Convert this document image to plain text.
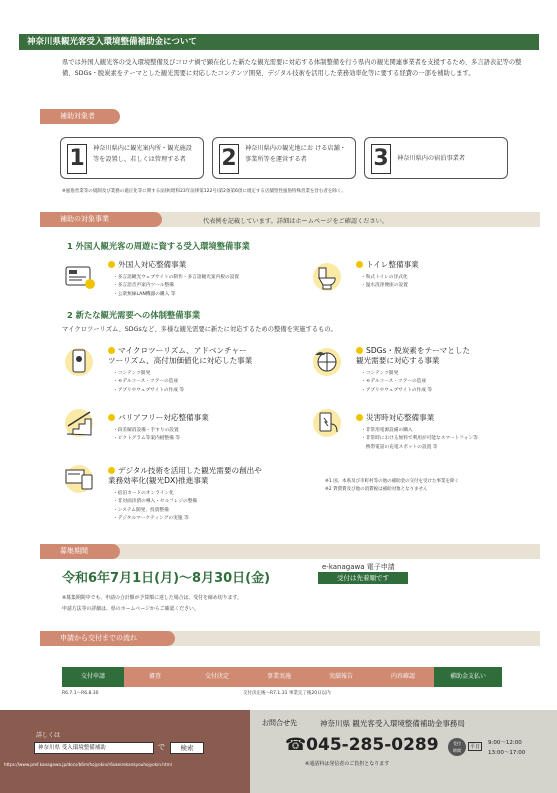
神奈川県観光客受入環境整備補助金について
県では外国人観光客の受入環境整備及びコロナ禍で顕在化した新たな観光需要に対応する体制整備を行う県内の観光関連事業者を支援するため、多言語表記等の整備、SDGs・脱炭素をテーマとした観光需要に対応したコンテンツ開発、デジタル技術を活用した業務効率化等に要する経費の一部を補助します。
補助対象者
1	神奈川県内に観光案内所・観光施設等を設置し、若しくは管理する者	2	神奈川県内の観光地にお ける店舗・事業所等を運営する者	3	神奈川県内の宿泊事業者
※風俗営業等の規制及び業務の適正化等に関する法律(昭和23年法律第122号)第2条第6項に規定する店舗型性風俗特殊営業を営む者を除く。
補助の対象事業	代表例を記載しています。詳細はホームページをご確認ください。
1 外国人観光客の周遊に資する受入環境整備事業
外国人対応整備事業
・多言語観光ウェブサイトの制作・多言語観光案内板の設置
・多言語音声案内ツール整備
・公衆無線LAN機器の購入 等
トイレ整備事業
・和式トイレの洋式化
・温水洗浄便座の設置
2 新たな観光需要への体制整備事業
マイクロツーリズム、SDGsなど、多様な観光需要に新たに対応するための整備を実施するもの。
マイクロツーリズム、アドベンチャー
ツーリズム、高付加価値化に対応した事業
・コンテンツ開発
・モデルコース・ツアーの造成
・アプリやウェブサイトの作成 等
SDGs・脱炭素をテーマとした
観光需要に対応する事業
・コンテンツ開発
・モデルコース・ツアーの造成
・アプリやウェブサイトの作成 等
バリアフリー対応整備事業
・段差解消設備・手すりの設置
・ピクトグラム等案内板整備 等
災害時対応整備事業
・非常用電源設備の購入
・非常時における無料で利用が可能なスマートフォン等
　携帯電話の充電スポットの設置 等
デジタル技術を活用した観光需要の創出や
業務効率化(観光DX)推進事業
・宿泊カードのオンライン化
・非対面決済の導入・セルフレジの整備
・システム開発、投資整備
・デジタルマーケティングの実施 等
※1 国、本県及び市町村等の他の補助金の交付を受けた事業を除く
※2 貸費費及び他の消費税は補助対象となりません
募集期間
令和6年7月1日(月)～8月30日(金)
e-kanagawa 電子申請
受付は先着順です
※募集期間中でも、申請の合計額が予算額に達した場合は、受付を締め切ります。
申請方法等の詳細は、県のホームページからご確認ください。
申請から交付までの流れ
交付申請	審査	交付決定	事業実施	実績報告	内容確認	補助金支払い
R6.7.1～R6.8.30	交付決定後～R7.1.31 事業完了後20日以内
詳しくは
神奈川県 受入環境整備補助	で	検索
https://www.pref.kanagawa.jp/docs/b6m/hojyokin/r6ukeirekankyouhojyokin.html
お問合せ先	神奈川県 観光客受入環境整備補助金事務局
☎045-285-0289	受付
時間
平日
9:00～12:00
13:00～17:00
※通話料は発信者のご負担となります
